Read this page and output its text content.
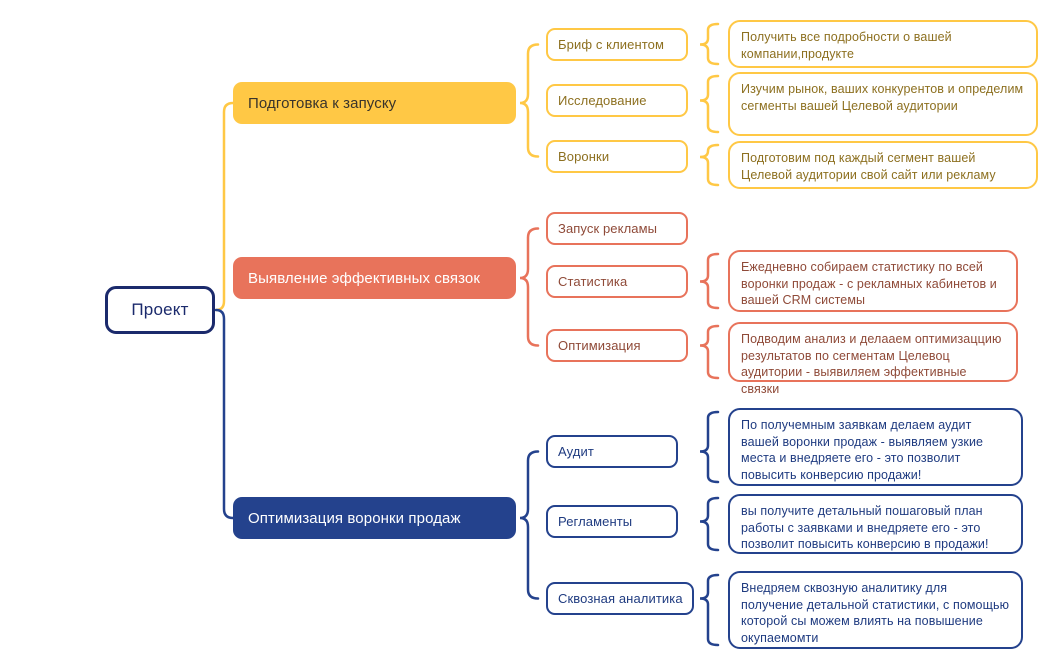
Проект
Подготовка к запуску
Бриф с клиентом
Исследование
Воронки
Получить все подробности о вашей компании,продукте
Изучим рынок, ваших конкурентов и определим сегменты вашей Целевой аудитории
Подготовим под каждый сегмент вашей Целевой аудитории свой сайт или рекламу
Выявление эффективных связок
Запуск рекламы
Статистика
Оптимизация
Ежедневно собираем статистику по всей воронки продаж - с рекламных кабинетов и вашей CRM системы
Подводим анализ и делааем оптимизаццию результатов по сегментам Целевоц аудитории - выявиляем эффективные связки
Оптимизация воронки продаж
Аудит
Регламенты
Сквозная аналитика
По получемным заявкам делаем аудит вашей воронки продаж - выявляем узкие места и внедряете его - это позволит повысить конверсию продажи!
вы получите детальный пошаговый план работы с заявками и внедряете его - это позволит повысить конверсию в продажи!
Внедряем сквозную аналитику для получение детальной статистики, с помощью которой сы можем влиять на повышение окупаемомти
